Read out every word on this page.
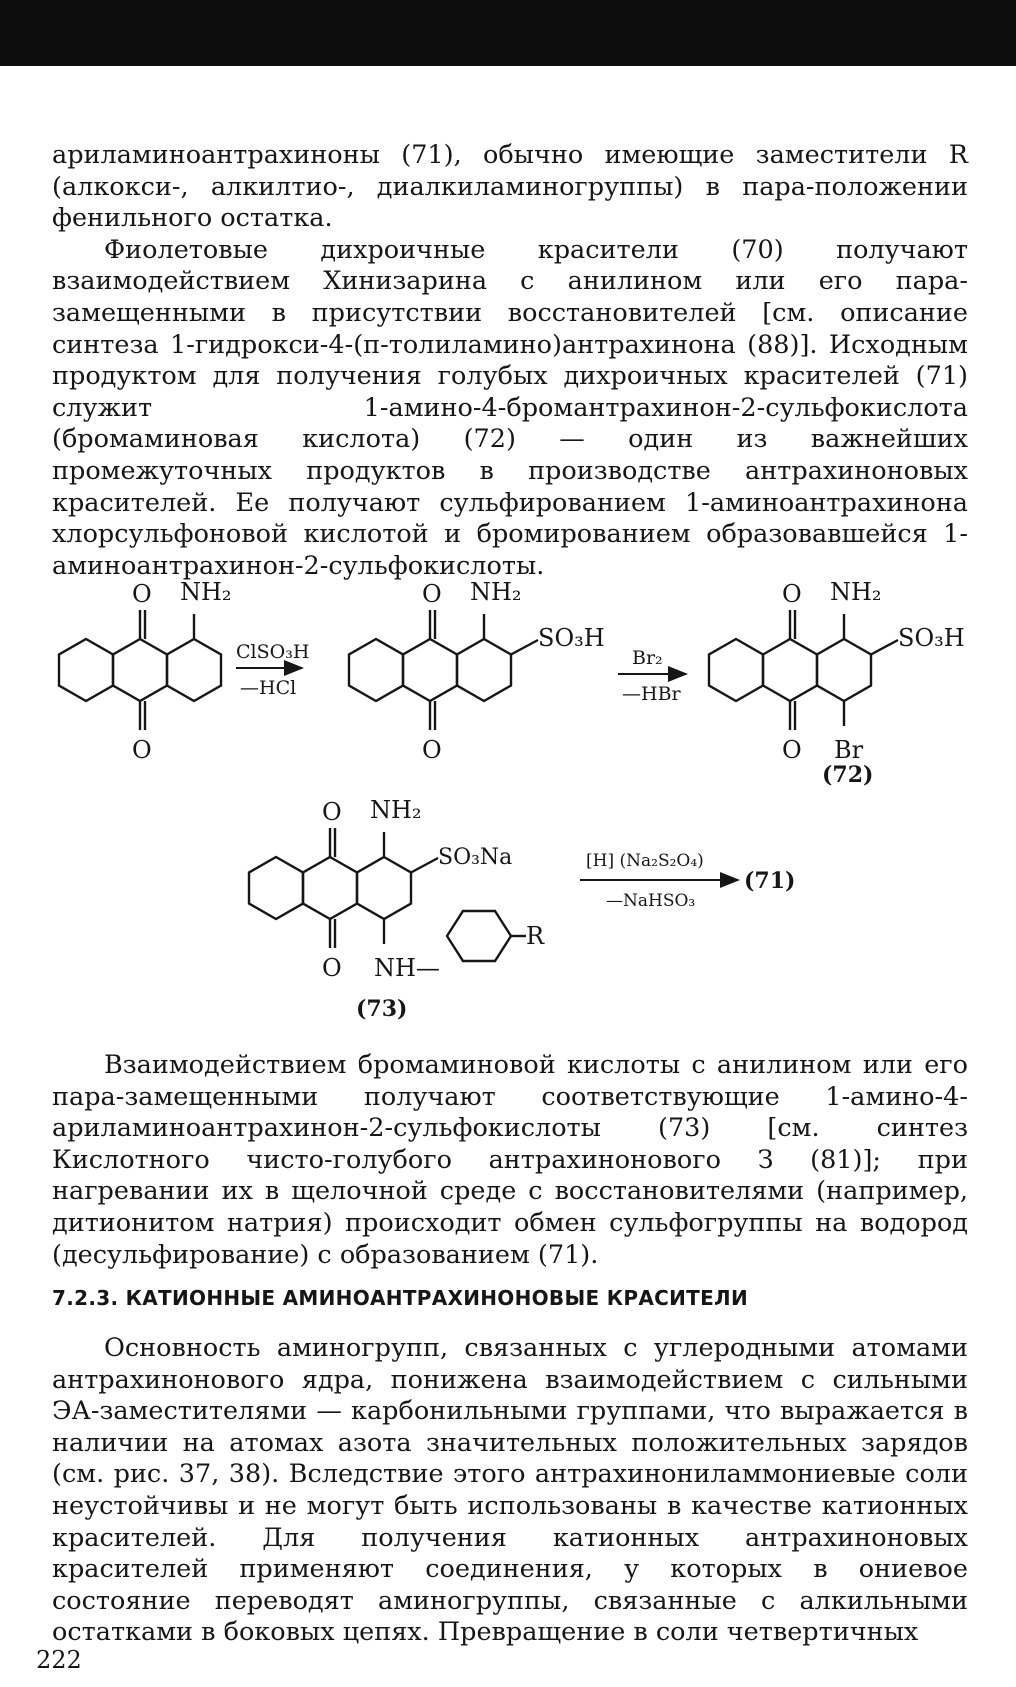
ариламиноантрахиноны (71), обычно имеющие заместители R (алкокси-, алкилтио-, диалкиламиногруппы) в пара-положении фенильного остатка.

Фиолетовые дихроичные красители (70) получают взаимодействием Хинизарина с анилином или его пара-замещенными в присутствии восстановителей [см. описание синтеза 1-гидрокси-4-(п-толиламино)антрахинона (88)]. Исходным продуктом для получения голубых дихроичных красителей (71) служит 1-амино-4-бромантрахинон-2-сульфокислота (бромаминовая кислота) (72) — один из важнейших промежуточных продуктов в производстве антрахиноновых красителей. Ее получают сульфированием 1-аминоантрахинона хлорсульфоновой кислотой и бромированием образовавшейся 1-аминоантрахинон-2-сульфокислоты.

O
O
NH₂
ClSO₃H
—HCl
O
O
NH₂
SO₃H
Br₂
—HBr
O
O
NH₂
SO₃H
Br
(72)
O
O
NH₂
SO₃Na
NH—
R
(73)
[H] (Na₂S₂O₄)
—NaHSO₃
(71)

Взаимодействием бромаминовой кислоты с анилином или его пара-замещенными получают соответствующие 1-амино-4-ариламиноантрахинон-2-сульфокислоты (73) [см. синтез Кислотного чисто-голубого антрахинонового З (81)]; при нагревании их в щелочной среде с восстановителями (например, дитионитом натрия) происходит обмен сульфогруппы на водород (десульфирование) с образованием (71).

7.2.3. КАТИОННЫЕ АМИНОАНТРАХИНОНОВЫЕ КРАСИТЕЛИ

Основность аминогрупп, связанных с углеродными атомами антрахинонового ядра, понижена взаимодействием с сильными ЭА-заместителями — карбонильными группами, что выражается в наличии на атомах азота значительных положительных зарядов (см. рис. 37, 38). Вследствие этого антрахинониламмониевые соли неустойчивы и не могут быть использованы в качестве катионных красителей. Для получения катионных антрахиноновых красителей применяют соединения, у которых в ониевое состояние переводят аминогруппы, связанные с алкильными остатками в боковых цепях. Превращение в соли четвертичных

222
